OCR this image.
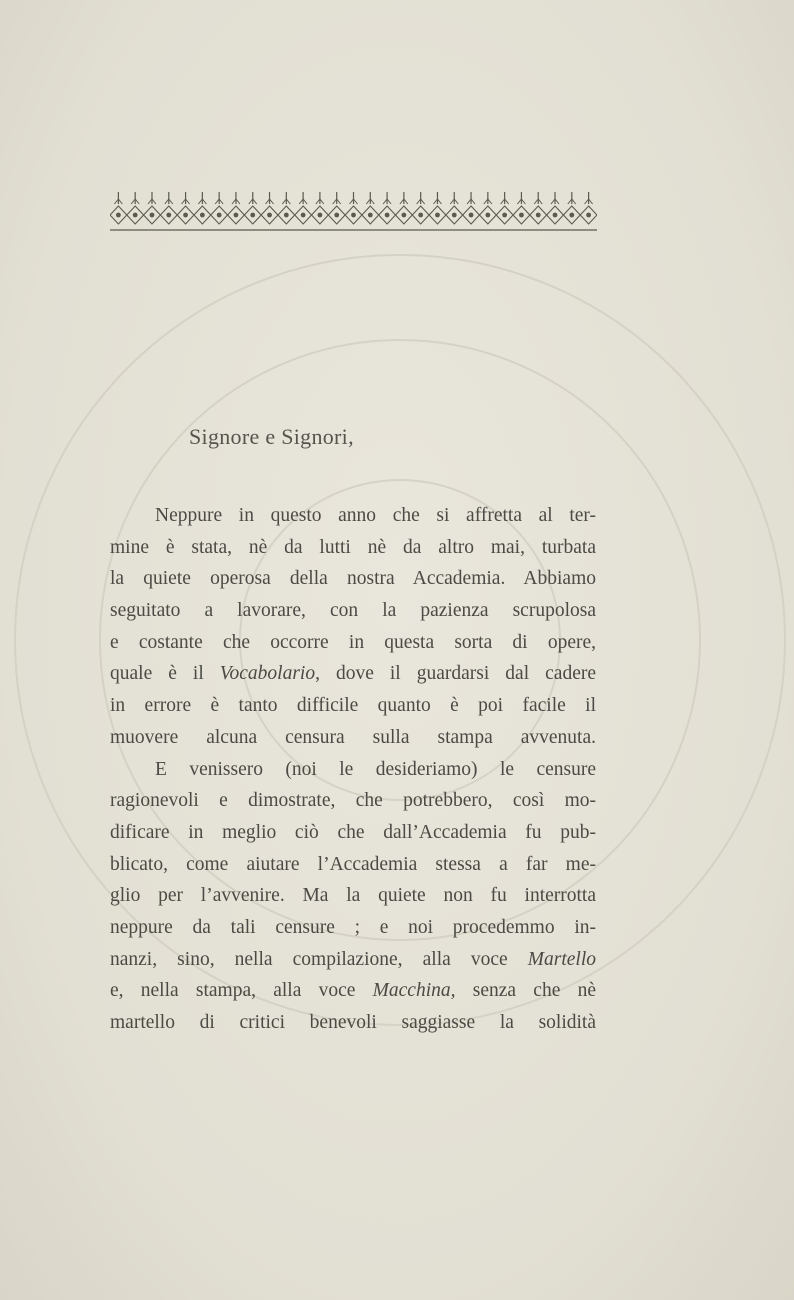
Signore e Signori,
Neppure in questo anno che si affretta al ter-
mine è stata, nè da lutti nè da altro mai, turbata
la quiete operosa della nostra Accademia. Abbiamo
seguitato a lavorare, con la pazienza scrupolosa
e costante che occorre in questa sorta di opere,
quale è il Vocabolario, dove il guardarsi dal cadere
in errore è tanto difficile quanto è poi facile il
muovere alcuna censura sulla stampa avvenuta.
E venissero (noi le desideriamo) le censure
ragionevoli e dimostrate, che potrebbero, così mo-
dificare in meglio ciò che dall’Accademia fu pub-
blicato, come aiutare l’Accademia stessa a far me-
glio per l’avvenire. Ma la quiete non fu interrotta
neppure da tali censure ; e noi procedemmo in-
nanzi, sino, nella compilazione, alla voce Martello
e, nella stampa, alla voce Macchina, senza che nè
martello di critici benevoli saggiasse la solidità
